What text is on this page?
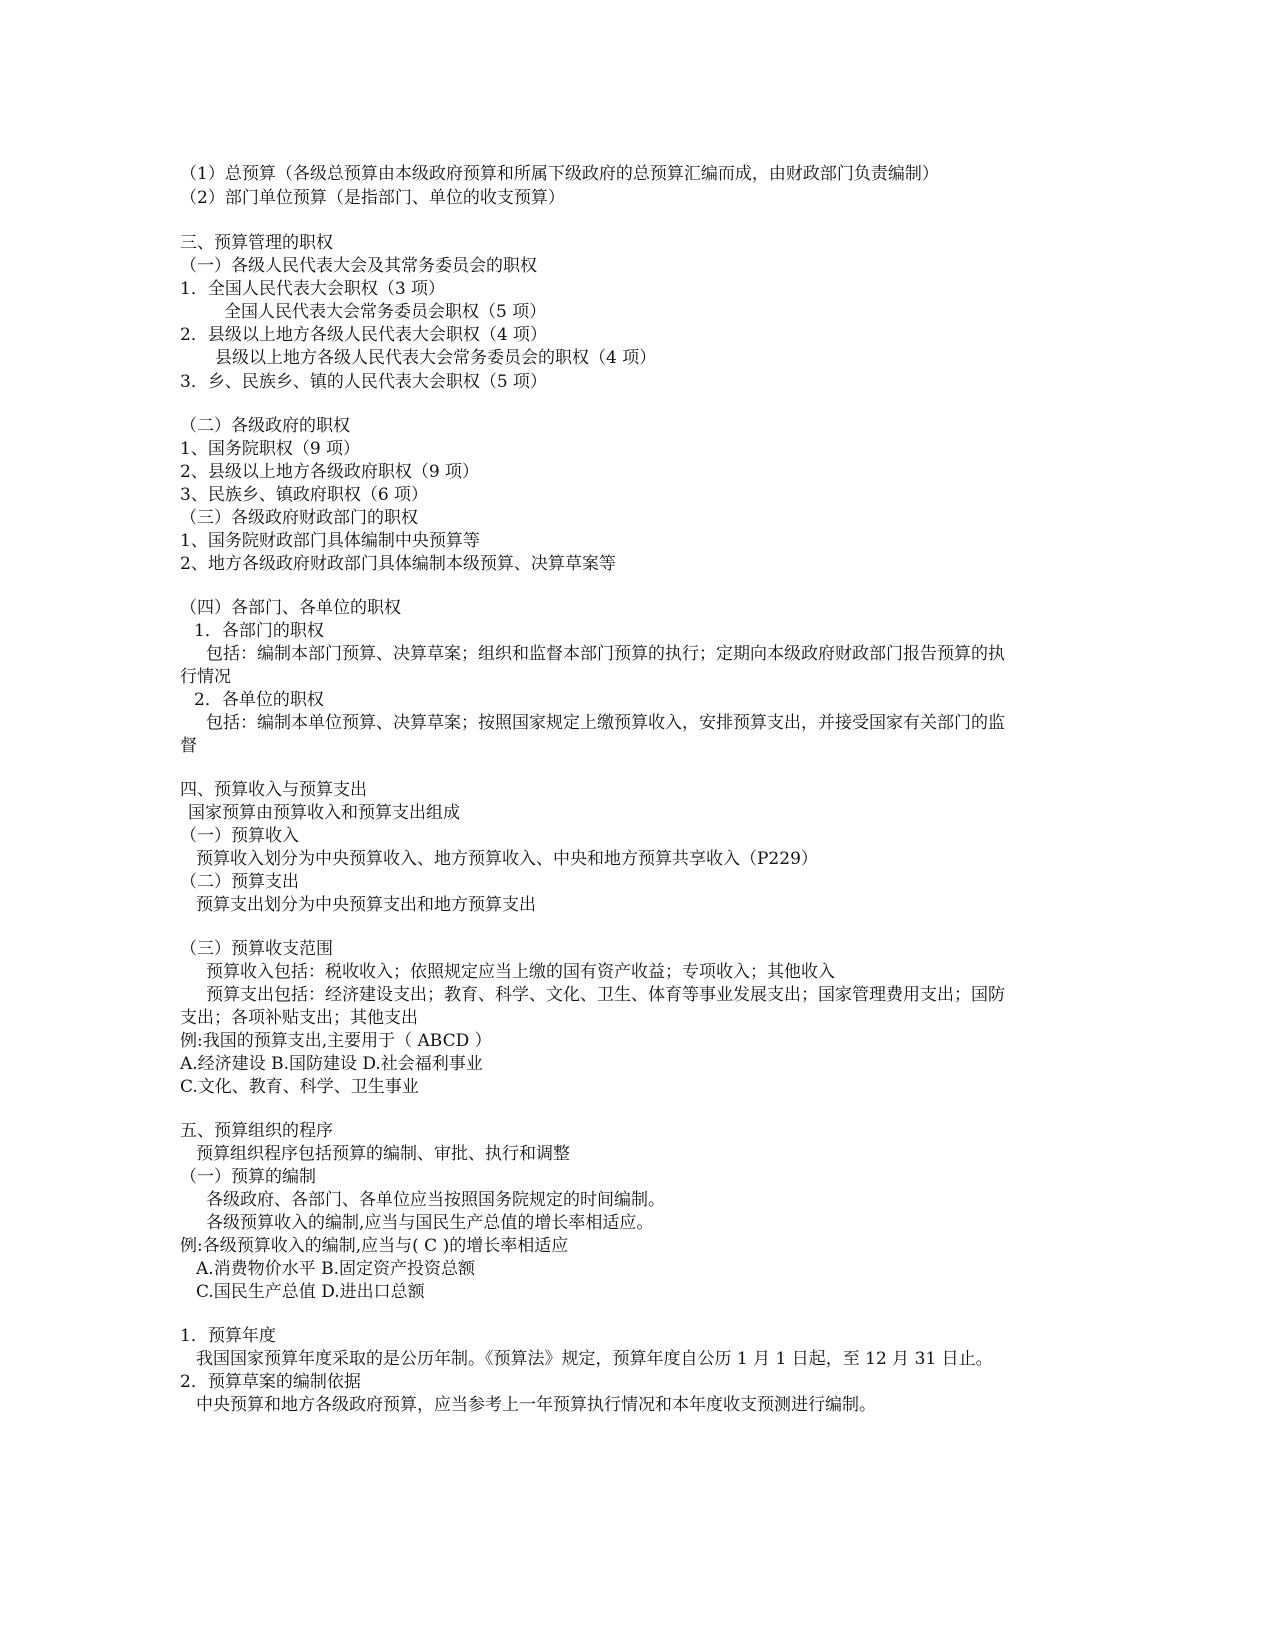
（1）总预算（各级总预算由本级政府预算和所属下级政府的总预算汇编而成，由财政部门负责编制）
（2）部门单位预算（是指部门、单位的收支预算）
三、预算管理的职权
（一）各级人民代表大会及其常务委员会的职权
1．全国人民代表大会职权（3 项）
全国人民代表大会常务委员会职权（5 项）
2．县级以上地方各级人民代表大会职权（4 项）
县级以上地方各级人民代表大会常务委员会的职权（4 项）
3．乡、民族乡、镇的人民代表大会职权（5 项）
（二）各级政府的职权
1、国务院职权（9 项）
2、县级以上地方各级政府职权（9 项）
3、民族乡、镇政府职权（6 项）
（三）各级政府财政部门的职权
1、国务院财政部门具体编制中央预算等
2、地方各级政府财政部门具体编制本级预算、决算草案等
（四）各部门、各单位的职权
1．各部门的职权
包括：编制本部门预算、决算草案；组织和监督本部门预算的执行；定期向本级政府财政部门报告预算的执
行情况
2．各单位的职权
包括：编制本单位预算、决算草案；按照国家规定上缴预算收入，安排预算支出，并接受国家有关部门的监
督
四、预算收入与预算支出
国家预算由预算收入和预算支出组成
（一）预算收入
预算收入划分为中央预算收入、地方预算收入、中央和地方预算共享收入（P229）
（二）预算支出
预算支出划分为中央预算支出和地方预算支出
（三）预算收支范围
预算收入包括：税收收入；依照规定应当上缴的国有资产收益；专项收入；其他收入
预算支出包括：经济建设支出；教育、科学、文化、卫生、体育等事业发展支出；国家管理费用支出；国防
支出；各项补贴支出；其他支出
例:我国的预算支出,主要用于（ ABCD ）
A.经济建设 B.国防建设 D.社会福利事业
C.文化、教育、科学、卫生事业
五、预算组织的程序
预算组织程序包括预算的编制、审批、执行和调整
（一）预算的编制
各级政府、各部门、各单位应当按照国务院规定的时间编制。
各级预算收入的编制,应当与国民生产总值的增长率相适应。
例:各级预算收入的编制,应当与( C )的增长率相适应
A.消费物价水平 B.固定资产投资总额
C.国民生产总值 D.进出口总额
1．预算年度
我国国家预算年度采取的是公历年制。《预算法》规定，预算年度自公历 1 月 1 日起，至 12 月 31 日止。
2．预算草案的编制依据
中央预算和地方各级政府预算，应当参考上一年预算执行情况和本年度收支预测进行编制。
